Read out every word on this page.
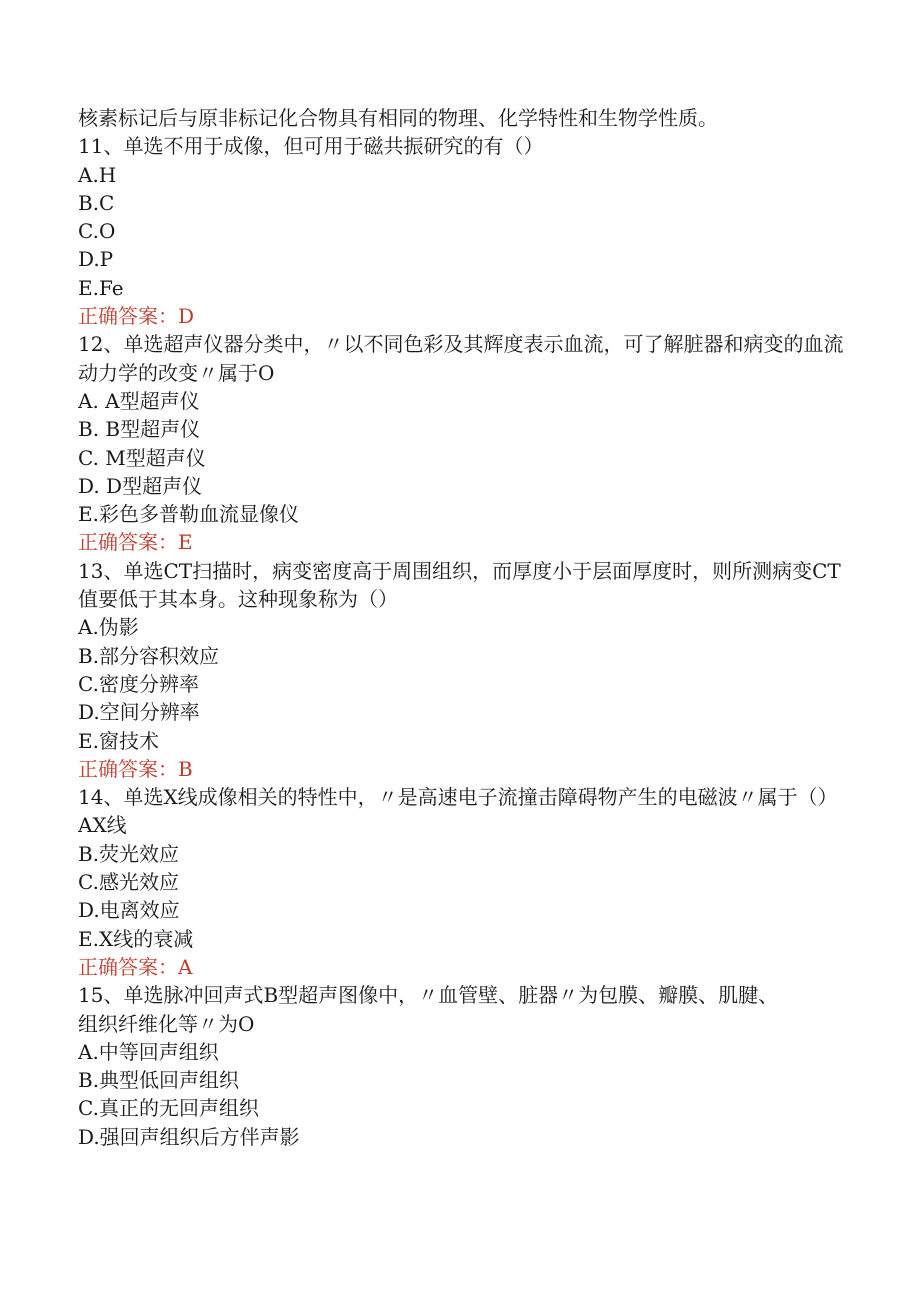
核素标记后与原非标记化合物具有相同的物理、化学特性和生物学性质。
11、单选不用于成像，但可用于磁共振研究的有（）
A.H
B.C
C.O
D.P
E.Fe
正确答案：D
12、单选超声仪器分类中，〃以不同色彩及其辉度表示血流，可了解脏器和病变的血流动力学的改变〃属于O
A. A型超声仪
B. B型超声仪
C. M型超声仪
D. D型超声仪
E.彩色多普勒血流显像仪
正确答案：E
13、单选CT扫描时，病变密度高于周围组织，而厚度小于层面厚度时，则所测病变CT值要低于其本身。这种现象称为（）
A.伪影
B.部分容积效应
C.密度分辨率
D.空间分辨率
E.窗技术
正确答案：B
14、单选X线成像相关的特性中，〃是高速电子流撞击障碍物产生的电磁波〃属于（）
AX线
B.荧光效应
C.感光效应
D.电离效应
E.X线的衰减
正确答案：A
15、单选脉冲回声式B型超声图像中，〃血管壁、脏器〃为包膜、瓣膜、肌腱、组织纤维化等〃为O
A.中等回声组织
B.典型低回声组织
C.真正的无回声组织
D.强回声组织后方伴声影
